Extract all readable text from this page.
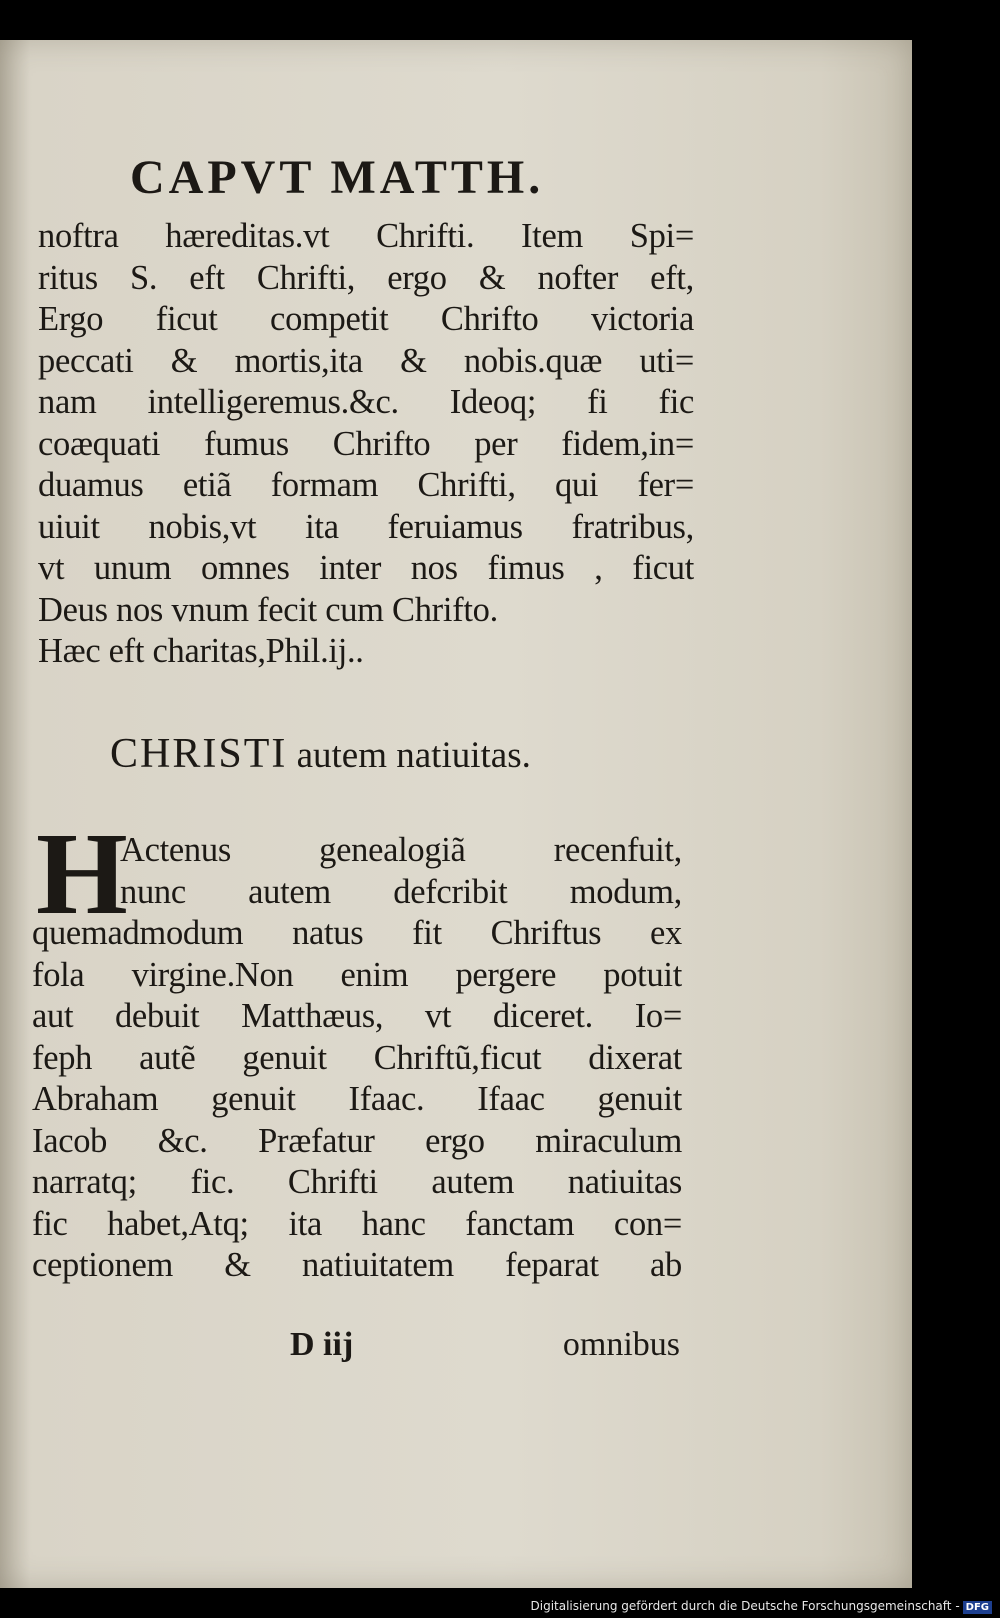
CAPVT MATTH.
noftra hæreditas.vt Chrifti. Item Spi=
ritus S. eft Chrifti, ergo & nofter eft,
Ergo ficut competit Chrifto victoria
peccati & mortis,ita & nobis.quæ uti=
nam intelligeremus.&c. Ideoq; fi fic
coæquati fumus Chrifto per fidem,in=
duamus etiã formam Chrifti, qui fer=
uiuit nobis,vt ita feruiamus fratribus,
vt unum omnes inter nos fimus , ficut
Deus nos vnum fecit cum Chrifto.
Hæc eft charitas,Phil.ij..
CHRISTI autem natiuitas.
H
Actenus genealogiã recenfuit,
nunc autem defcribit modum,
quemadmodum natus fit Chriftus ex
fola virgine.Non enim pergere potuit
aut debuit Matthæus, vt diceret. Io=
feph autẽ genuit Chriftũ,ficut dixerat
Abraham genuit Ifaac. Ifaac genuit
Iacob &c. Præfatur ergo miraculum
narratq; fic. Chrifti autem natiuitas
fic habet,Atq; ita hanc fanctam con=
ceptionem & natiuitatem feparat ab
D iij	omnibus
Digitalisierung gefördert durch die Deutsche Forschungsgemeinschaft - DFG
